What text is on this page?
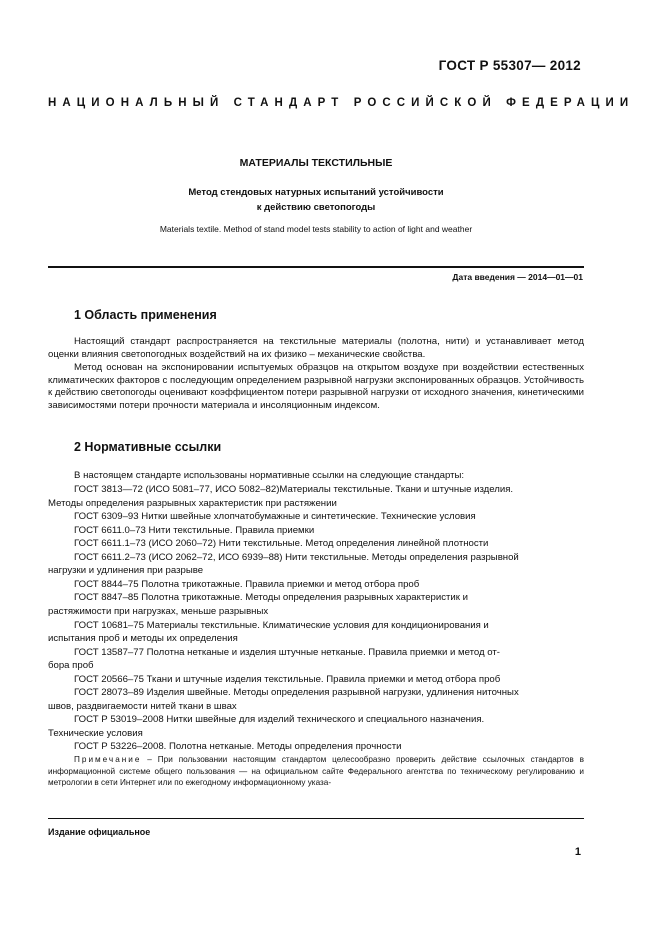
ГОСТ Р 55307— 2012
НАЦИОНАЛЬНЫЙ СТАНДАРТ РОССИЙСКОЙ ФЕДЕРАЦИИ
МАТЕРИАЛЫ ТЕКСТИЛЬНЫЕ
Метод стендовых натурных испытаний устойчивости
к действию светопогоды
Materials textile. Method of stand model tests stability to action of light and weather
Дата введения — 2014—01—01
1 Область применения
Настоящий стандарт распространяется на текстильные материалы (полотна, нити) и устанавливает метод оценки влияния светопогодных воздействий на их физико – механические свойства.
Метод основан на экспонировании испытуемых образцов на открытом воздухе при воздействии естественных климатических факторов с последующим определением разрывной нагрузки экспонированных образцов. Устойчивость к действию светопогоды оценивают коэффициентом потери разрывной нагрузки от исходного значения, кинетическими зависимостями потери прочности материала и инсоляционным индексом.
2 Нормативные ссылки
В настоящем стандарте использованы нормативные ссылки на следующие стандарты:
ГОСТ 3813—72 (ИСО 5081–77, ИСО 5082–82)Материалы текстильные. Ткани и штучные изделия.
Методы определения разрывных характеристик при растяжении
ГОСТ 6309–93 Нитки швейные хлопчатобумажные и синтетические. Технические условия
ГОСТ 6611.0–73 Нити текстильные. Правила приемки
ГОСТ 6611.1–73 (ИСО 2060–72) Нити текстильные. Метод определения линейной плотности
ГОСТ 6611.2–73 (ИСО 2062–72, ИСО 6939–88) Нити текстильные. Методы определения разрывной
нагрузки и удлинения при разрыве
ГОСТ 8844–75 Полотна трикотажные. Правила приемки и метод отбора проб
ГОСТ 8847–85 Полотна трикотажные. Методы определения разрывных характеристик и
растяжимости при нагрузках, меньше разрывных
ГОСТ 10681–75 Материалы текстильные. Климатические условия для кондиционирования и
испытания проб и методы их определения
ГОСТ 13587–77 Полотна нетканые и изделия штучные нетканые. Правила приемки и метод от-
бора проб
ГОСТ 20566–75 Ткани и штучные изделия текстильные. Правила приемки и метод отбора проб
ГОСТ 28073–89 Изделия швейные. Методы определения разрывной нагрузки, удлинения ниточных
швов, раздвигаемости нитей ткани в швах
ГОСТ Р 53019–2008 Нитки швейные для изделий технического и специального назначения.
Технические условия
ГОСТ Р 53226–2008. Полотна нетканые. Методы определения прочности
Примечание – При пользовании настоящим стандартом целесообразно проверить действие ссылочных стандартов в информационной системе общего пользования — на официальном сайте Федерального агентства по техническому регулированию и метрологии в сети Интернет или по ежегодному информационному указа-
Издание официальное
1
